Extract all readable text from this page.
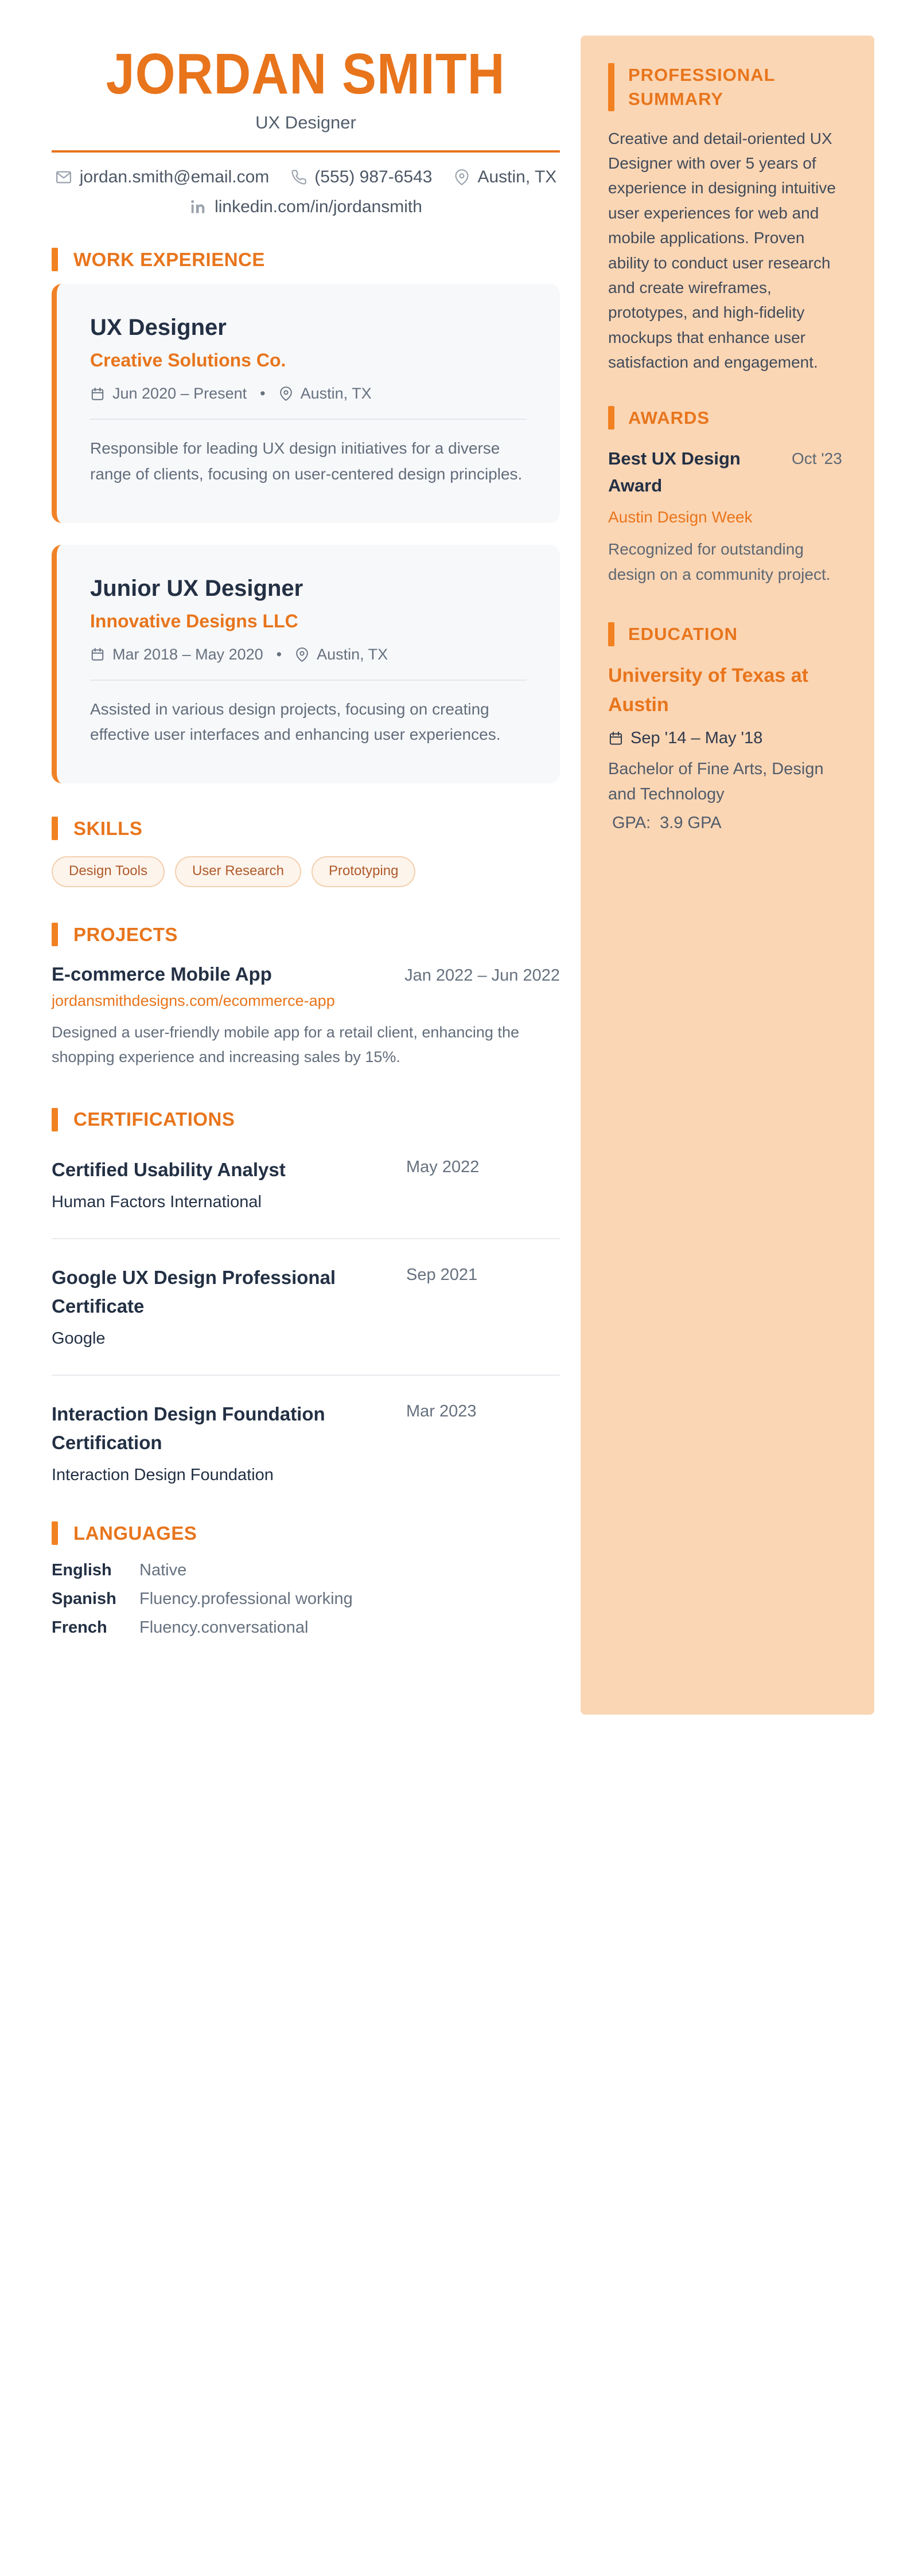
JORDAN SMITH
UX Designer
jordan.smith@email.com	(555) 987-6543	Austin, TX
linkedin.com/in/jordansmith
WORK EXPERIENCE
UX Designer
Creative Solutions Co.
Jun 2020 – Present • Austin, TX

Responsible for leading UX design initiatives for a diverse range of clients, focusing on user-centered design principles.

Junior UX Designer
Innovative Designs LLC
Mar 2018 – May 2020 • Austin, TX

Assisted in various design projects, focusing on creating effective user interfaces and enhancing user experiences.

SKILLS
Design Tools	User Research	Prototyping
PROJECTS
E-commerce Mobile App	Jan 2022 – Jun 2022
jordansmithdesigns.com/ecommerce-app

Designed a user-friendly mobile app for a retail client, enhancing the shopping experience and increasing sales by 15%.

CERTIFICATIONS
Certified Usability Analyst
Human Factors International
May 2022
Google UX Design Professional Certificate
Google
Sep 2021
Interaction Design Foundation Certification
Interaction Design Foundation
Mar 2023
LANGUAGES
English	Native
Spanish	Fluency.professional working
French	Fluency.conversational
PROFESSIONAL SUMMARY

Creative and detail-oriented UX Designer with over 5 years of experience in designing intuitive user experiences for web and mobile applications. Proven ability to conduct user research and create wireframes, prototypes, and high-fidelity mockups that enhance user satisfaction and engagement.

AWARDS
Best UX Design Award
Oct '23
Austin Design Week

Recognized for outstanding design on a community project.

EDUCATION
University of Texas at Austin
Sep '14 – May '18
Bachelor of Fine Arts, Design and Technology
GPA: 3.9 GPA
